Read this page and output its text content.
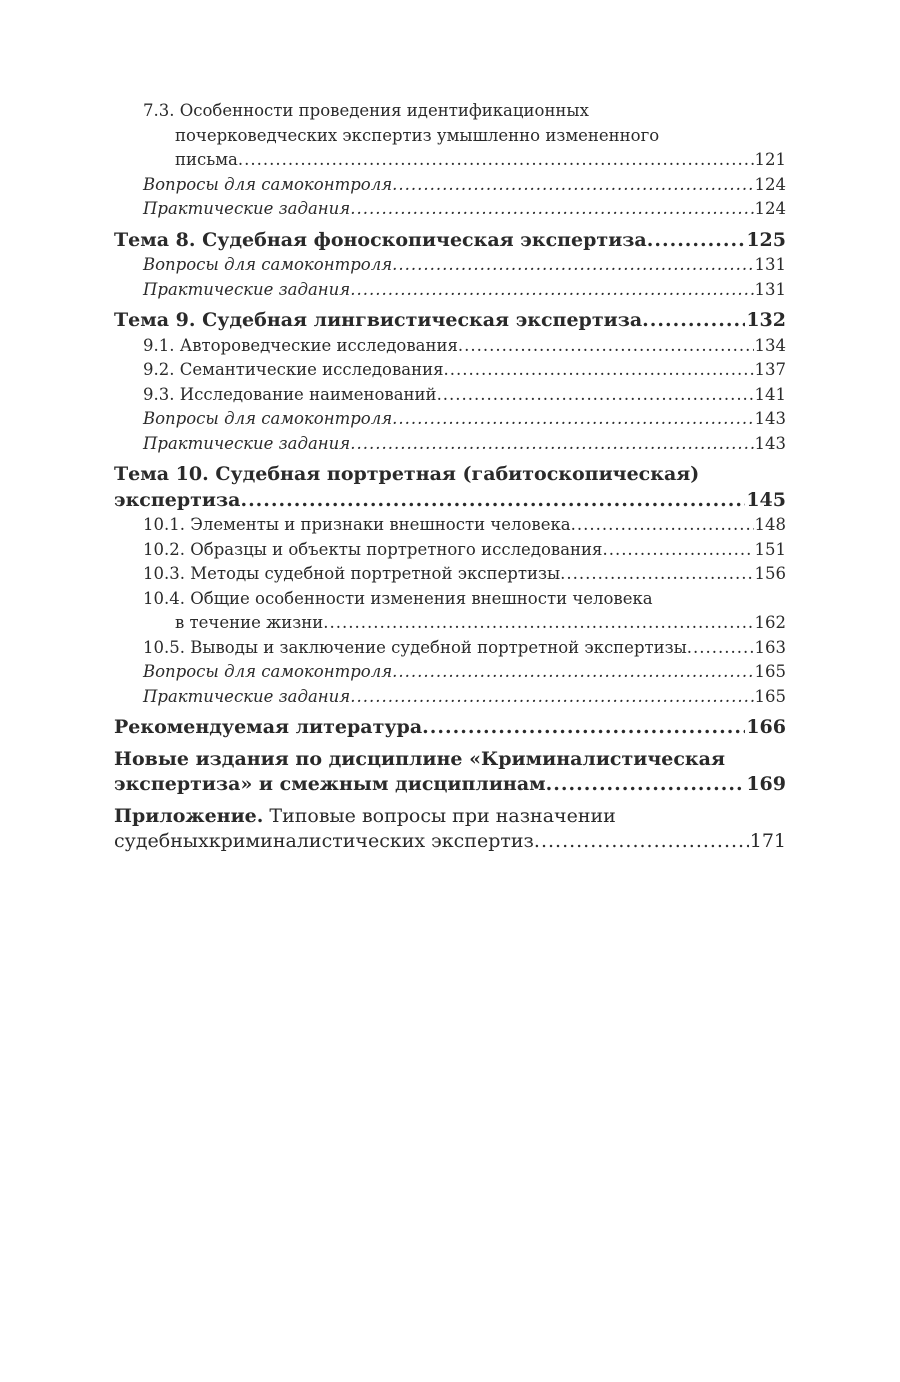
7.3. Особенности проведения идентификационных
почерковедческих экспертиз умышленно измененного
письма .....	121
Вопросы для самоконтроля .....	124
Практические задания .....	124
Тема 8. Судебная фоноскопическая экспертиза .....	125
Вопросы для самоконтроля .....	131
Практические задания .....	131
Тема 9. Судебная лингвистическая экспертиза .....	132
9.1. Автороведческие исследования .....	134
9.2. Семантические исследования .....	137
9.3. Исследование наименований .....	141
Вопросы для самоконтроля .....	143
Практические задания .....	143
Тема 10. Судебная портретная (габитоскопическая)
экспертиза .....	145
10.1. Элементы и признаки внешности человека .....	148
10.2. Образцы и объекты портретного исследования .....	151
10.3. Методы судебной портретной экспертизы .....	156
10.4. Общие особенности изменения внешности человека
в течение жизни .....	162
10.5. Выводы и заключение судебной портретной экспертизы .....	163
Вопросы для самоконтроля .....	165
Практические задания .....	165
Рекомендуемая литература .....	166
Новые издания по дисциплине «Криминалистическая
экспертиза» и смежным дисциплинам .....	169
Приложение. Типовые вопросы при назначении
судебныхкриминалистических экспертиз .....	171
